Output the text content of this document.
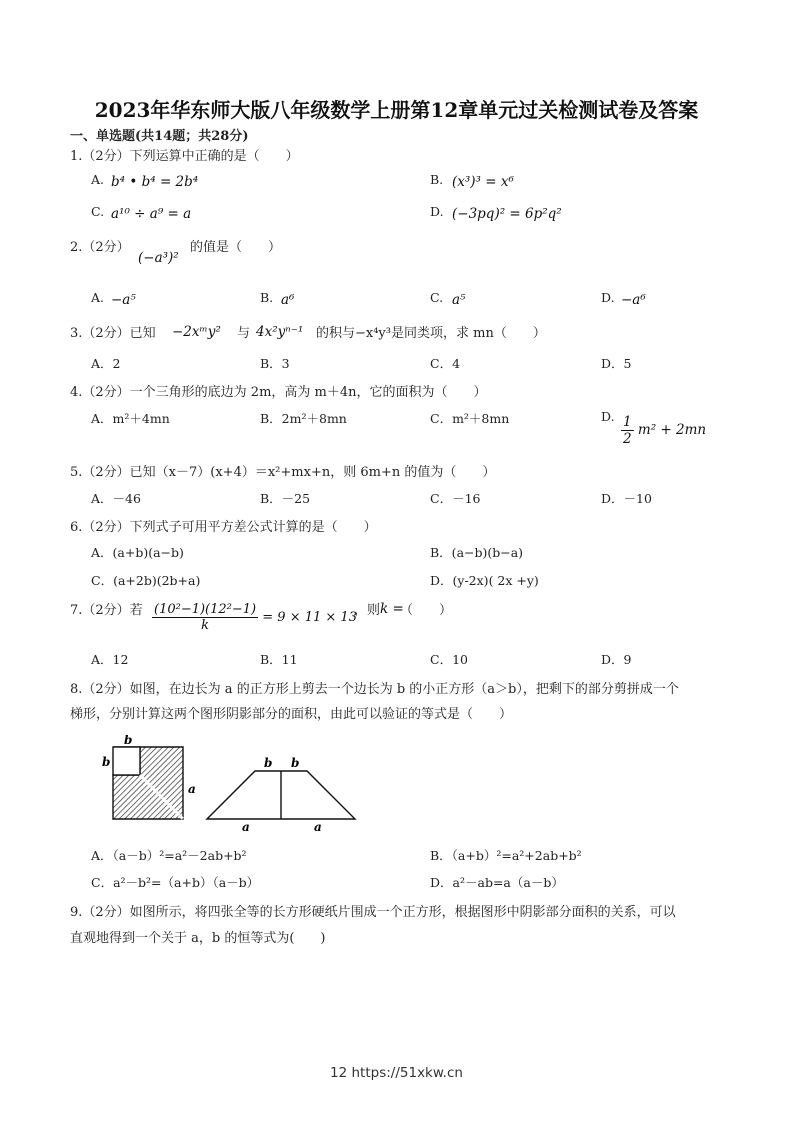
2023年华东师大版八年级数学上册第12章单元过关检测试卷及答案
一、单选题(共14题；共28分)
1.（2分）下列运算中正确的是（　　）
A. b⁴ • b⁴ = 2b⁴	B. (x³)³ = x⁶
C. a¹⁰ ÷ a⁹ = a	D. (−3pq)² = 6p²q²
2.（2分）
(−a³)²
的值是（　　）
A. −a⁵	B. a⁶	C. a⁵	D. −a⁶
3.（2分）已知 −2xᵐy² 与 4x²yⁿ⁻¹ 的积与−x⁴y³是同类项，求 mn（　　）
A．2	B．3	C．4	D．5
4.（2分）一个三角形的底边为 2m，高为 m＋4n，它的面积为（　　）
A．m²＋4mn	B．2m²＋8mn	C．m²＋8mn	D. $\frac{1}{2} m^2 + 2mn$
5.（2分）已知（x－7）(x+4）＝x²+mx+n，则 6m+n 的值为（　　）
A．－46	B．－25	C．－16	D．－10
6.（2分）下列式子可用平方差公式计算的是（　　）
A．(a+b)(a−b)	B．(a−b)(b−a)
C．(a+2b)(2b+a)	D．(y-2x)( 2x +y)
7.（2分）若 $\frac{\text{(10²−1)(12²−1)}}{k} = 9 \times 11 \times 13$
，则 k =
（　　）
A．12	B．11	C．10	D．9
8.（2分）如图，在边长为 a 的正方形上剪去一个边长为 b 的小正方形（a＞b），把剩下的部分剪拼成一个
梯形，分别计算这两个图形阴影部分的面积，由此可以验证的等式是（　　）
b
b
a
b b
a	a
A．（a－b）²=a²－2ab+b²	B．（a+b）²=a²+2ab+b²
C．a²－b²=（a+b）（a－b）	D．a²－ab=a（a－b）
9.（2分）如图所示，将四张全等的长方形硬纸片围成一个正方形，根据图形中阴影部分面积的关系，可以
直观地得到一个关于 a，b 的恒等式为(　　)
12 https://51xkw.cn
